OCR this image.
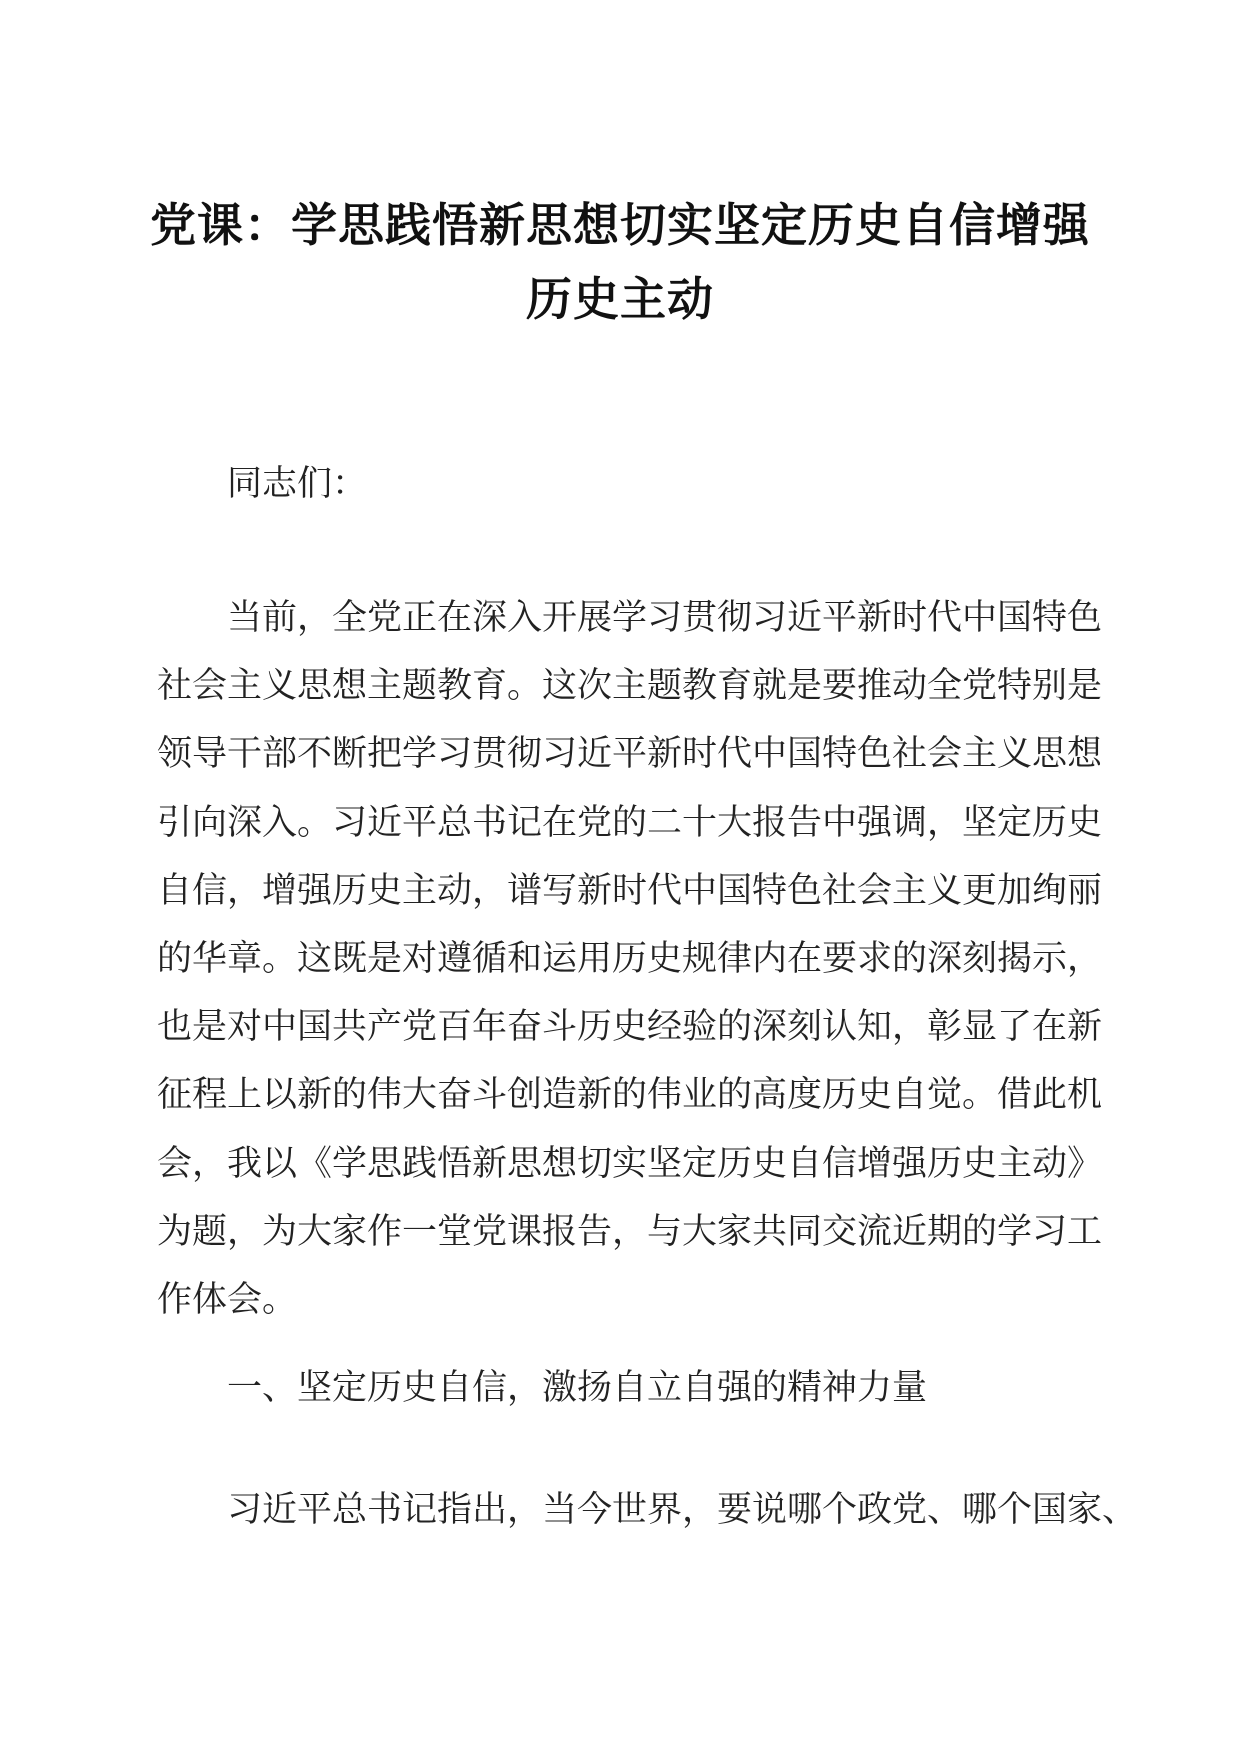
党课：学思践悟新思想切实坚定历史自信增强
历史主动

同志们：

当前，全党正在深入开展学习贯彻习近平新时代中国特色
社会主义思想主题教育。这次主题教育就是要推动全党特别是
领导干部不断把学习贯彻习近平新时代中国特色社会主义思想
引向深入。习近平总书记在党的二十大报告中强调，坚定历史
自信，增强历史主动，谱写新时代中国特色社会主义更加绚丽
的华章。这既是对遵循和运用历史规律内在要求的深刻揭示，
也是对中国共产党百年奋斗历史经验的深刻认知，彰显了在新
征程上以新的伟大奋斗创造新的伟业的高度历史自觉。借此机
会，我以《学思践悟新思想切实坚定历史自信增强历史主动》
为题，为大家作一堂党课报告，与大家共同交流近期的学习工
作体会。

一、坚定历史自信，激扬自立自强的精神力量

习近平总书记指出，当今世界，要说哪个政党、哪个国家、
